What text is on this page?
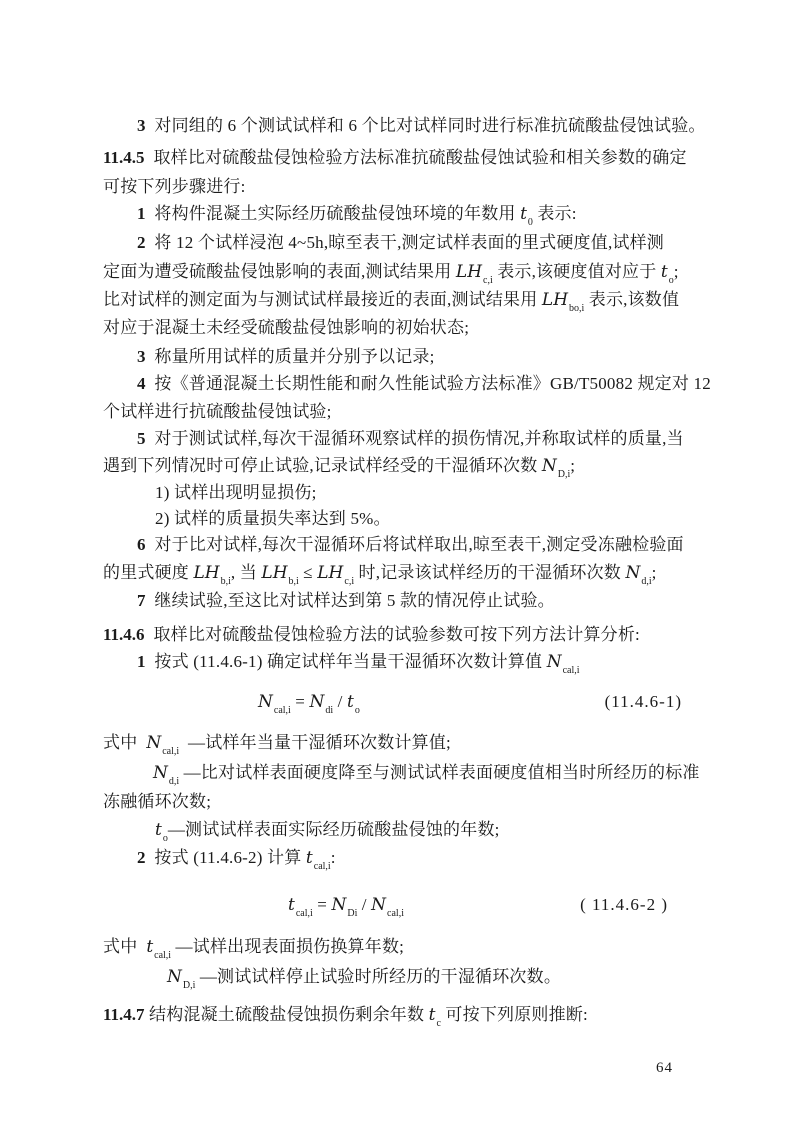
3  对同组的 6 个测试试样和 6 个比对试样同时进行标准抗硫酸盐侵蚀试验。
11.4.5  取样比对硫酸盐侵蚀检验方法标准抗硫酸盐侵蚀试验和相关参数的确定
可按下列步骤进行:
1  将构件混凝土实际经历硫酸盐侵蚀环境的年数用 $t_0$ 表示:
2  将 12 个试样浸泡 4~5h,晾至表干,测定试样表面的里式硬度值,试样测
定面为遭受硫酸盐侵蚀影响的表面,测试结果用 $LH_{c,i}$ 表示,该硬度值对应于 $t_o$;
比对试样的测定面为与测试试样最接近的表面,测试结果用 $LH_{bo,i}$ 表示,该数值
对应于混凝土未经受硫酸盐侵蚀影响的初始状态;
3  称量所用试样的质量并分别予以记录;
4  按《普通混凝土长期性能和耐久性能试验方法标准》GB/T50082 规定对 12
个试样进行抗硫酸盐侵蚀试验;
5  对于测试试样,每次干湿循环观察试样的损伤情况,并称取试样的质量,当
遇到下列情况时可停止试验,记录试样经受的干湿循环次数 $N_{D,i}$;
1) 试样出现明显损伤;
2) 试样的质量损失率达到 5%。
6  对于比对试样,每次干湿循环后将试样取出,晾至表干,测定受冻融检验面
的里式硬度 $LH_{b,i}$, 当 $LH_{b,i} \le LH_{c,i}$ 时,记录该试样经历的干湿循环次数 $N_{d,i}$;
7  继续试验,至这比对试样达到第 5 款的情况停止试验。
11.4.6  取样比对硫酸盐侵蚀检验方法的试验参数可按下列方法计算分析:
1  按式 (11.4.6-1) 确定试样年当量干湿循环次数计算值 $N_{cal,i}$
$N_{cal,i} = N_{di} / t_o$	(11.4.6-1)
式中  $N_{cal,i}$  —试样年当量干湿循环次数计算值;
$N_{d,i}$ —比对试样表面硬度降至与测试试样表面硬度值相当时所经历的标准
冻融循环次数;
$t_o—$测试试样表面实际经历硫酸盐侵蚀的年数;
2  按式 (11.4.6-2) 计算 $t_{cal,i}$:
$t_{cal,i} = N_{Di} / N_{cal,i}$	( 11.4.6-2 )
式中  $t_{cal,i}$ —试样出现表面损伤换算年数;
$N_{D,i}$ —测试试样停止试验时所经历的干湿循环次数。
11.4.7 结构混凝土硫酸盐侵蚀损伤剩余年数 $t_c$ 可按下列原则推断:
64
